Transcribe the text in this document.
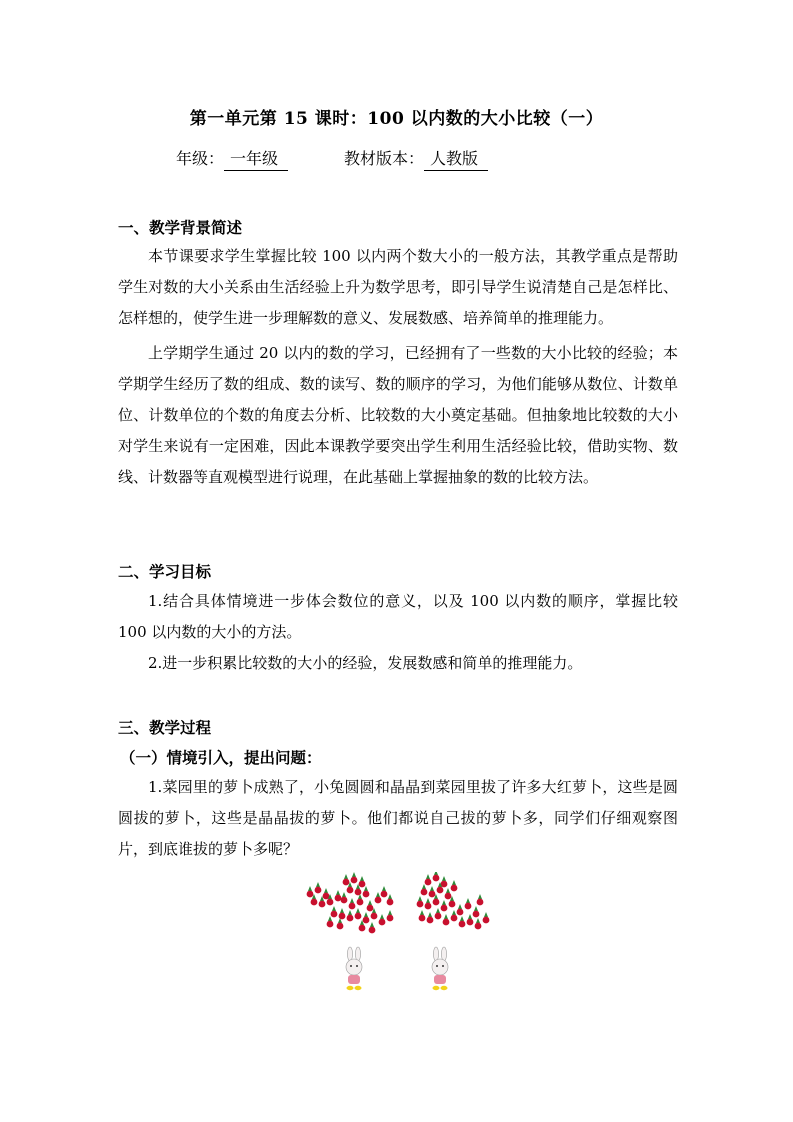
第一单元第 15 课时：100 以内数的大小比较（一）
年级： 一年级	教材版本： 人教版
一、教学背景简述
本节课要求学生掌握比较 100 以内两个数大小的一般方法，其教学重点是帮助学生对数的大小关系由生活经验上升为数学思考，即引导学生说清楚自己是怎样比、怎样想的，使学生进一步理解数的意义、发展数感、培养简单的推理能力。
上学期学生通过 20 以内的数的学习，已经拥有了一些数的大小比较的经验；本学期学生经历了数的组成、数的读写、数的顺序的学习，为他们能够从数位、计数单位、计数单位的个数的角度去分析、比较数的大小奠定基础。但抽象地比较数的大小对学生来说有一定困难，因此本课教学要突出学生利用生活经验比较，借助实物、数线、计数器等直观模型进行说理，在此基础上掌握抽象的数的比较方法。
二、学习目标
1.结合具体情境进一步体会数位的意义，以及 100 以内数的顺序，掌握比较 100 以内数的大小的方法。
2.进一步积累比较数的大小的经验，发展数感和简单的推理能力。
三、教学过程
（一）情境引入，提出问题：
1.菜园里的萝卜成熟了，小兔圆圆和晶晶到菜园里拔了许多大红萝卜，这些是圆圆拔的萝卜，这些是晶晶拔的萝卜。他们都说自己拔的萝卜多，同学们仔细观察图片，到底谁拔的萝卜多呢？
